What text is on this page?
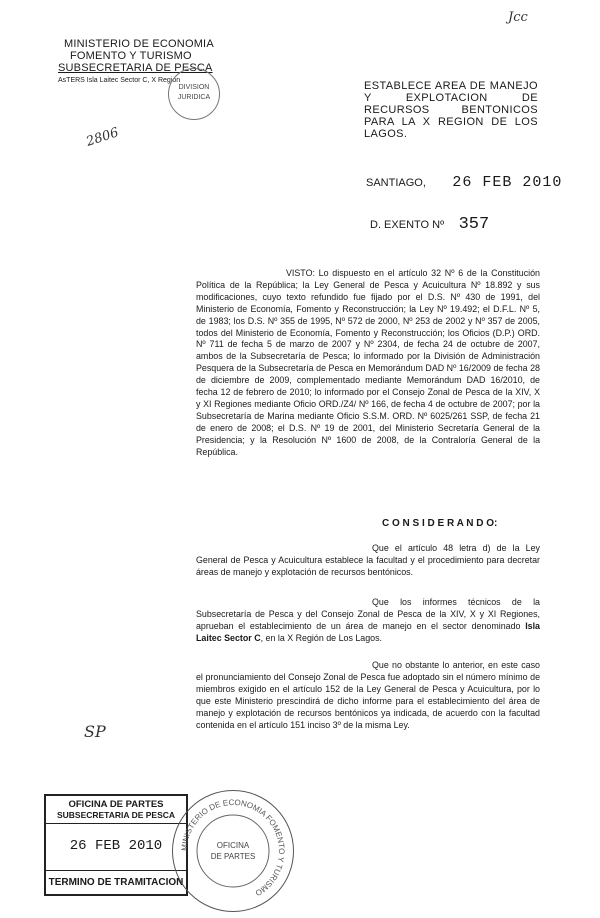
MINISTERIO DE ECONOMIA
FOMENTO Y TURISMO
SUBSECRETARIA DE PESCA
AsTERS Isla Laitec Sector C, X Region
DIVISION
JURIDICA
Jcc
2806
SP
ESTABLECE AREA DE MANEJO Y EXPLOTACION DE RECURSOS BENTONICOS PARA LA X REGION DE LOS LAGOS.
SANTIAGO, 26 FEB 2010
D. EXENTO Nº 357
VISTO: Lo dispuesto en el artículo 32 Nº 6 de la Constitución Política de la República; la Ley General de Pesca y Acuicultura Nº 18.892 y sus modificaciones, cuyo texto refundido fue fijado por el D.S. Nº 430 de 1991, del Ministerio de Economía, Fomento y Reconstrucción; la Ley Nº 19.492; el D.F.L. Nº 5, de 1983; los D.S. Nº 355 de 1995, Nº 572 de 2000, Nº 253 de 2002 y Nº 357 de 2005, todos del Ministerio de Economía, Fomento y Reconstrucción; los Oficios (D.P.) ORD. Nº 711 de fecha 5 de marzo de 2007 y Nº 2304, de fecha 24 de octubre de 2007, ambos de la Subsecretaría de Pesca; lo informado por la División de Administración Pesquera de la Subsecretaría de Pesca en Memorándum DAD Nº 16/2009 de fecha 28 de diciembre de 2009, complementado mediante Memorándum DAD 16/2010, de fecha 12 de febrero de 2010; lo informado por el Consejo Zonal de Pesca de la XIV, X y XI Regiones mediante Oficio ORD./Z4/ Nº 166, de fecha 4 de octubre de 2007; por la Subsecretaría de Marina mediante Oficio S.S.M. ORD. Nº 6025/261 SSP, de fecha 21 de enero de 2008; el D.S. Nº 19 de 2001, del Ministerio Secretaría General de la Presidencia; y la Resolución Nº 1600 de 2008, de la Contraloría General de la República.
C O N S I D E R A N D O:
Que el artículo 48 letra d) de la Ley General de Pesca y Acuicultura establece la facultad y el procedimiento para decretar áreas de manejo y explotación de recursos bentónicos.
Que los informes técnicos de la Subsecretaría de Pesca y del Consejo Zonal de Pesca de la XIV, X y XI Regiones, aprueban el establecimiento de un área de manejo en el sector denominado Isla Laitec Sector C, en la X Región de Los Lagos.
Que no obstante lo anterior, en este caso el pronunciamiento del Consejo Zonal de Pesca fue adoptado sin el número mínimo de miembros exigido en el artículo 152 de la Ley General de Pesca y Acuicultura, por lo que este Ministerio prescindirá de dicho informe para el establecimiento del área de manejo y explotación de recursos bentónicos ya indicada, de acuerdo con la facultad contenida en el artículo 151 inciso 3º de la misma Ley.
OFICINA DE PARTES
SUBSECRETARIA DE PESCA
26 FEB 2010
TERMINO DE TRAMITACION
MINISTERIO DE ECONOMIA FOMENTO Y TURISMO
OFICINA
DE PARTES
